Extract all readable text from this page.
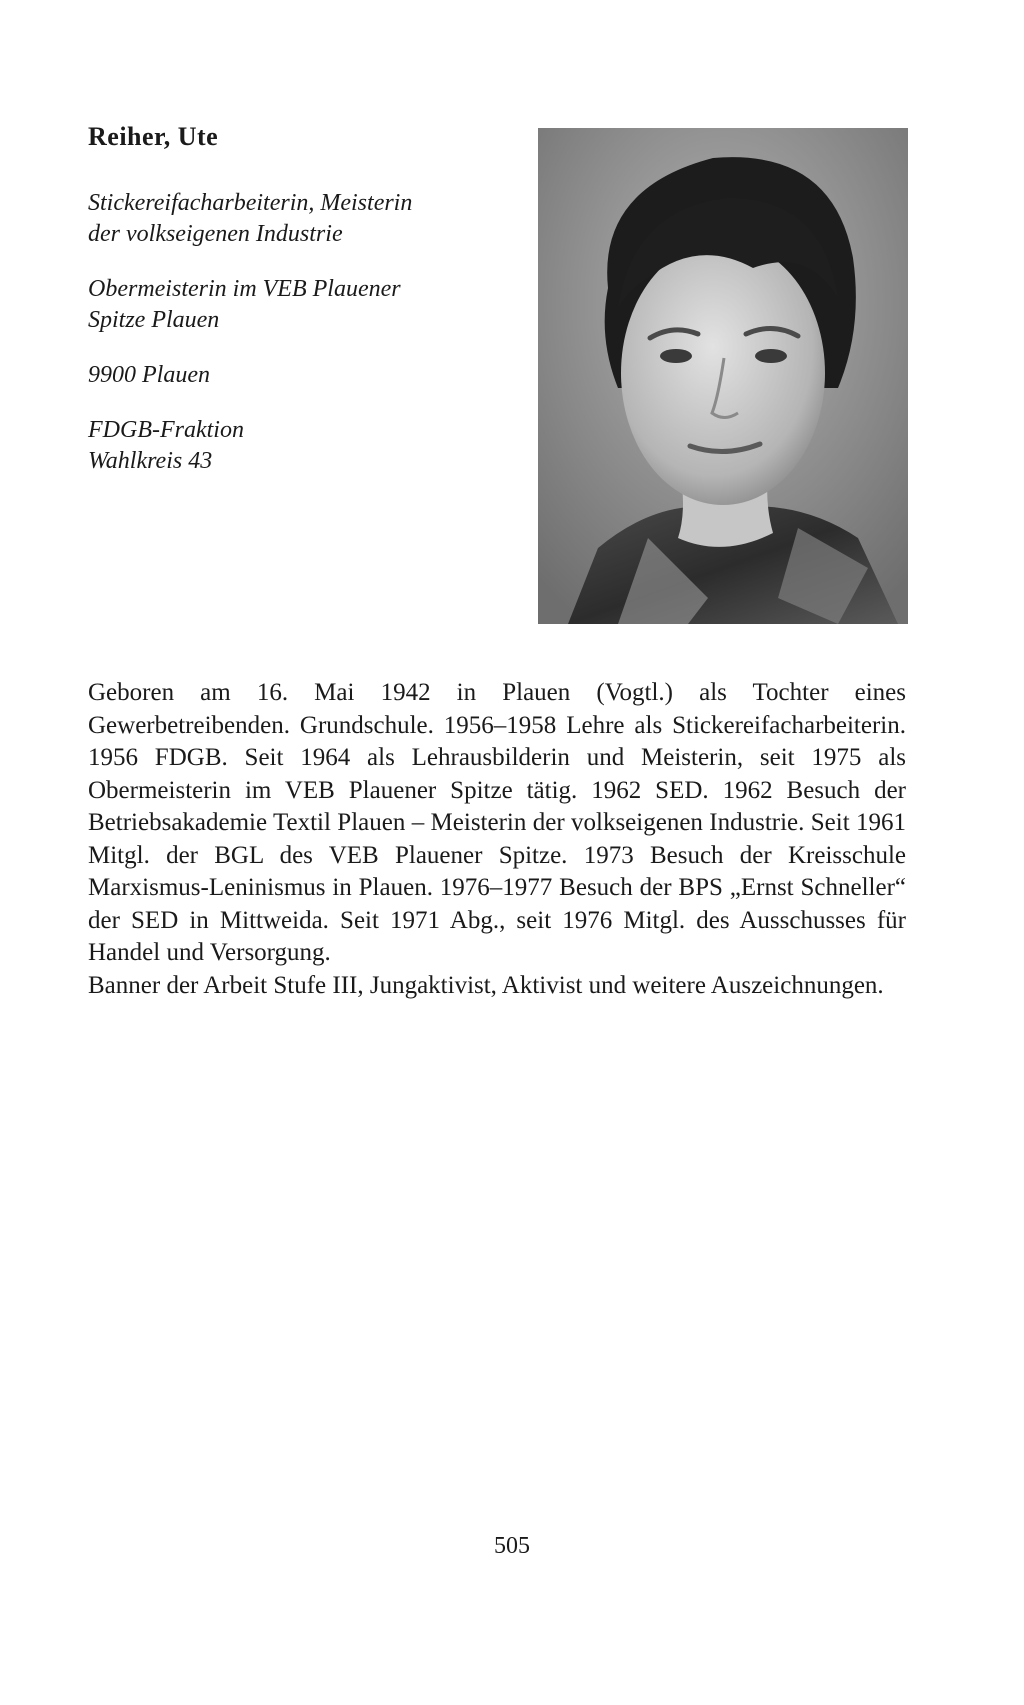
Reiher, Ute

Stickereifacharbeiterin, Meisterin
der volkseigenen Industrie

Obermeisterin im VEB Plauener
Spitze Plauen

9900 Plauen

FDGB-Fraktion
Wahlkreis 43

Geboren am 16. Mai 1942 in Plauen (Vogtl.) als Tochter eines Gewerbetreibenden. Grundschule. 1956–1958 Lehre als Stickereifacharbeiterin. 1956 FDGB. Seit 1964 als Lehrausbilderin und Meisterin, seit 1975 als Obermeisterin im VEB Plauener Spitze tätig. 1962 SED. 1962 Besuch der Betriebsakademie Textil Plauen – Meisterin der volkseigenen Industrie. Seit 1961 Mitgl. der BGL des VEB Plauener Spitze. 1973 Besuch der Kreisschule Marxismus-Leninismus in Plauen. 1976–1977 Besuch der BPS „Ernst Schneller“ der SED in Mittweida. Seit 1971 Abg., seit 1976 Mitgl. des Ausschusses für Handel und Versorgung.

Banner der Arbeit Stufe III, Jungaktivist, Aktivist und weitere Auszeichnungen.

505
